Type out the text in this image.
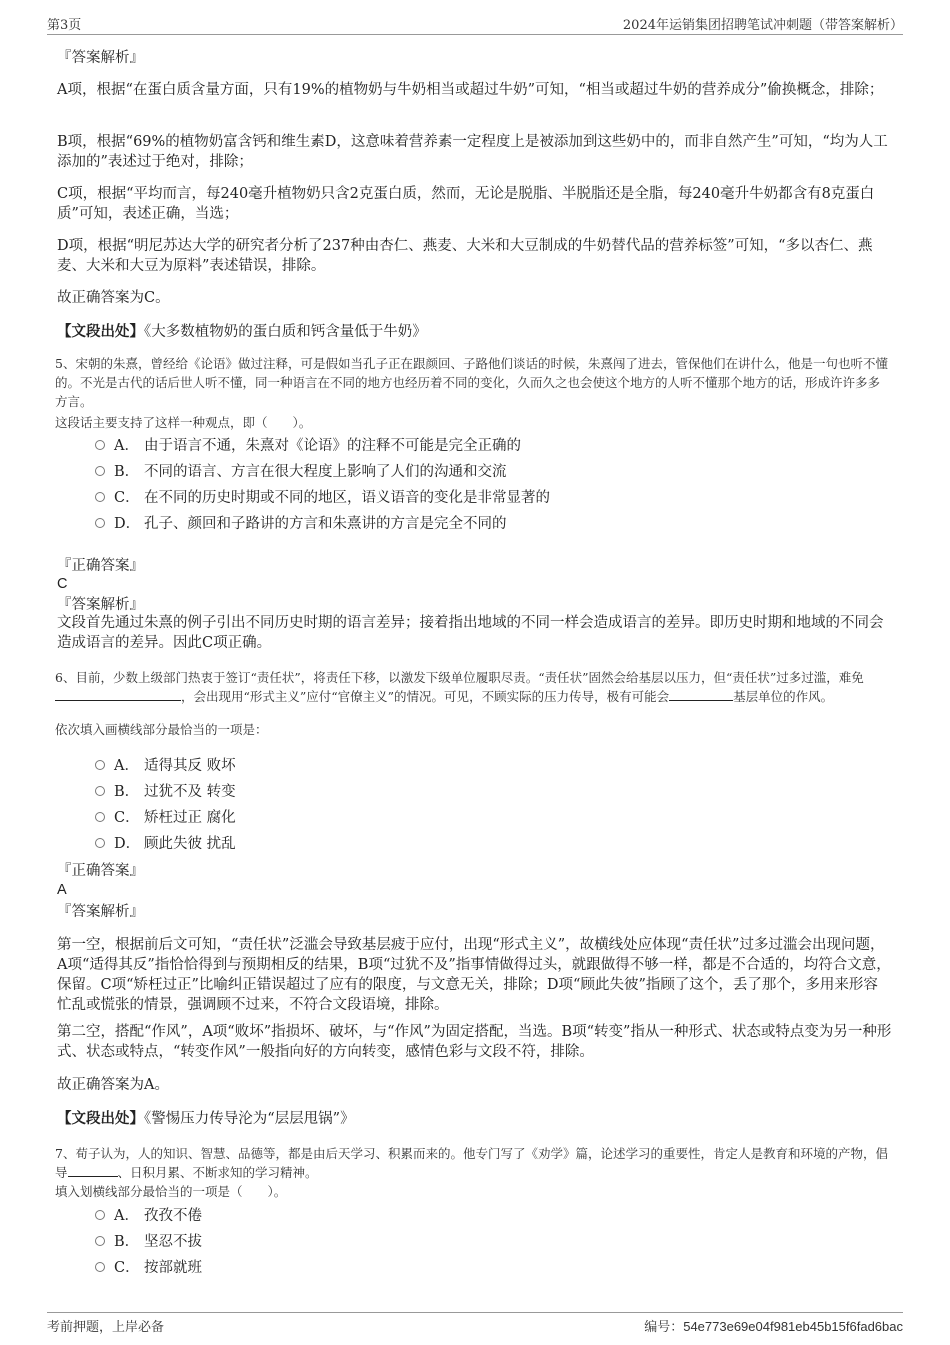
第3页	2024年运销集团招聘笔试冲刺题（带答案解析）
『答案解析』
A项，根据“在蛋白质含量方面，只有19%的植物奶与牛奶相当或超过牛奶”可知，“相当或超过牛奶的营养成分”偷换概念，排除；
B项，根据“69%的植物奶富含钙和维生素D，这意味着营养素一定程度上是被添加到这些奶中的，而非自然产生”可知，“均为人工添加的”表述过于绝对，排除；
C项，根据“平均而言，每240毫升植物奶只含2克蛋白质，然而，无论是脱脂、半脱脂还是全脂，每240毫升牛奶都含有8克蛋白质”可知，表述正确，当选；
D项，根据“明尼苏达大学的研究者分析了237种由杏仁、燕麦、大米和大豆制成的牛奶替代品的营养标签”可知，“多以杏仁、燕麦、大米和大豆为原料”表述错误，排除。
故正确答案为C。
【文段出处】《大多数植物奶的蛋白质和钙含量低于牛奶》
5、宋朝的朱熹，曾经给《论语》做过注释，可是假如当孔子正在跟颜回、子路他们谈话的时候，朱熹闯了进去，管保他们在讲什么，他是一句也听不懂的。不光是古代的话后世人听不懂，同一种语言在不同的地方也经历着不同的变化，久而久之也会使这个地方的人听不懂那个地方的话，形成许许多多方言。
这段话主要支持了这样一种观点，即（　　）。
A． 由于语言不通，朱熹对《论语》的注释不可能是完全正确的
B． 不同的语言、方言在很大程度上影响了人们的沟通和交流
C． 在不同的历史时期或不同的地区，语义语音的变化是非常显著的
D． 孔子、颜回和子路讲的方言和朱熹讲的方言是完全不同的
『正确答案』
C
『答案解析』
文段首先通过朱熹的例子引出不同历史时期的语言差异；接着指出地域的不同一样会造成语言的差异。即历史时期和地域的不同会造成语言的差异。因此C项正确。
6、目前，少数上级部门热衷于签订“责任状”，将责任下移，以激发下级单位履职尽责。“责任状”固然会给基层以压力，但“责任状”过多过滥，难免，会出现用“形式主义”应付“官僚主义”的情况。可见，不顾实际的压力传导，极有可能会	基层单位的作风。
依次填入画横线部分最恰当的一项是：
A． 适得其反 败坏
B． 过犹不及 转变
C． 矫枉过正 腐化
D． 顾此失彼 扰乱
『正确答案』
A
『答案解析』
第一空，根据前后文可知，“责任状”泛滥会导致基层疲于应付，出现“形式主义”，故横线处应体现“责任状”过多过滥会出现问题，A项“适得其反”指恰恰得到与预期相反的结果，B项“过犹不及”指事情做得过头，就跟做得不够一样，都是不合适的，均符合文意，保留。C项“矫枉过正”比喻纠正错误超过了应有的限度，与文意无关，排除；D项“顾此失彼”指顾了这个，丢了那个，多用来形容忙乱或慌张的情景，强调顾不过来，不符合文段语境，排除。
第二空，搭配“作风”，A项“败坏”指损坏、破坏，与“作风”为固定搭配，当选。B项“转变”指从一种形式、状态或特点变为另一种形式、状态或特点，“转变作风”一般指向好的方向转变，感情色彩与文段不符，排除。
故正确答案为A。
【文段出处】《警惕压力传导沦为“层层甩锅”》
7、荀子认为，人的知识、智慧、品德等，都是由后天学习、积累而来的。他专门写了《劝学》篇，论述学习的重要性，肯定人是教育和环境的产物，倡导	、日积月累、不断求知的学习精神。
填入划横线部分最恰当的一项是（　　）。
A． 孜孜不倦
B． 坚忍不拔
C． 按部就班
考前押题，上岸必备	编号：54e773e69e04f981eb45b15f6fad6bac
